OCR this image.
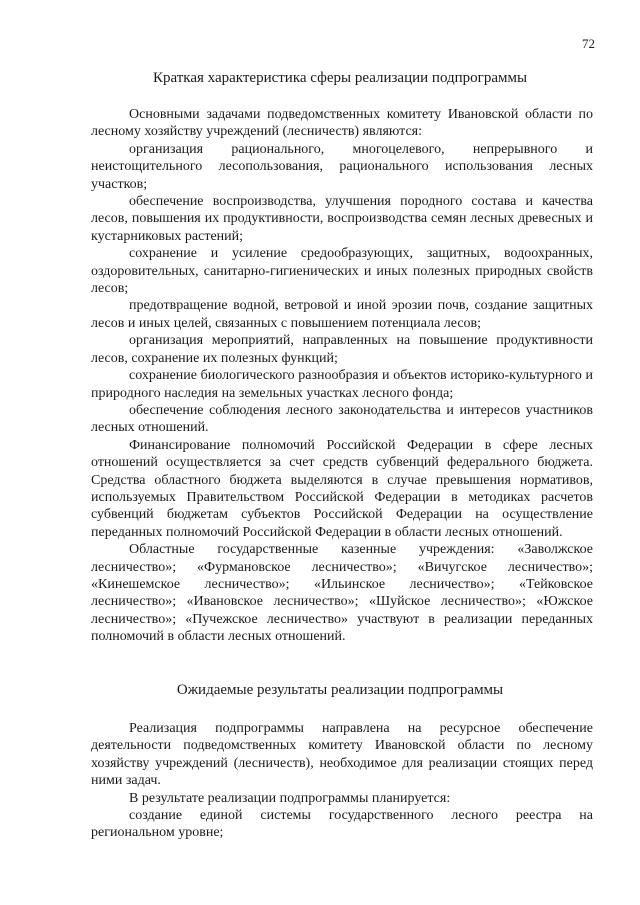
72
Краткая характеристика сферы реализации подпрограммы

Основными задачами подведомственных комитету Ивановской области по лесному хозяйству учреждений (лесничеств) являются:

организация рационального, многоцелевого, непрерывного и неистощительного лесопользования, рационального использования лесных участков;

обеспечение воспроизводства, улучшения породного состава и качества лесов, повышения их продуктивности, воспроизводства семян лесных древесных и кустарниковых растений;

сохранение и усиление средообразующих, защитных, водоохранных, оздоровительных, санитарно-гигиенических и иных полезных природных свойств лесов;

предотвращение водной, ветровой и иной эрозии почв, создание защитных лесов и иных целей, связанных с повышением потенциала лесов;

организация мероприятий, направленных на повышение продуктивности лесов, сохранение их полезных функций;

сохранение биологического разнообразия и объектов историко-культурного и природного наследия на земельных участках лесного фонда;

обеспечение соблюдения лесного законодательства и интересов участников лесных отношений.

Финансирование полномочий Российской Федерации в сфере лесных отношений осуществляется за счет средств субвенций федерального бюджета. Средства областного бюджета выделяются в случае превышения нормативов, используемых Правительством Российской Федерации в методиках расчетов субвенций бюджетам субъектов Российской Федерации на осуществление переданных полномочий Российской Федерации в области лесных отношений.

Областные государственные казенные учреждения: «Заволжское лесничество»; «Фурмановское лесничество»; «Вичугское лесничество»; «Кинешемское лесничество»; «Ильинское лесничество»; «Тейковское лесничество»; «Ивановское лесничество»; «Шуйское лесничество»; «Южское лесничество»; «Пучежское лесничество» участвуют в реализации переданных полномочий в области лесных отношений.

Ожидаемые результаты реализации подпрограммы

Реализация подпрограммы направлена на ресурсное обеспечение деятельности подведомственных комитету Ивановской области по лесному хозяйству учреждений (лесничеств), необходимое для реализации стоящих перед ними задач.

В результате реализации подпрограммы планируется:

создание единой системы государственного лесного реестра на региональном уровне;
